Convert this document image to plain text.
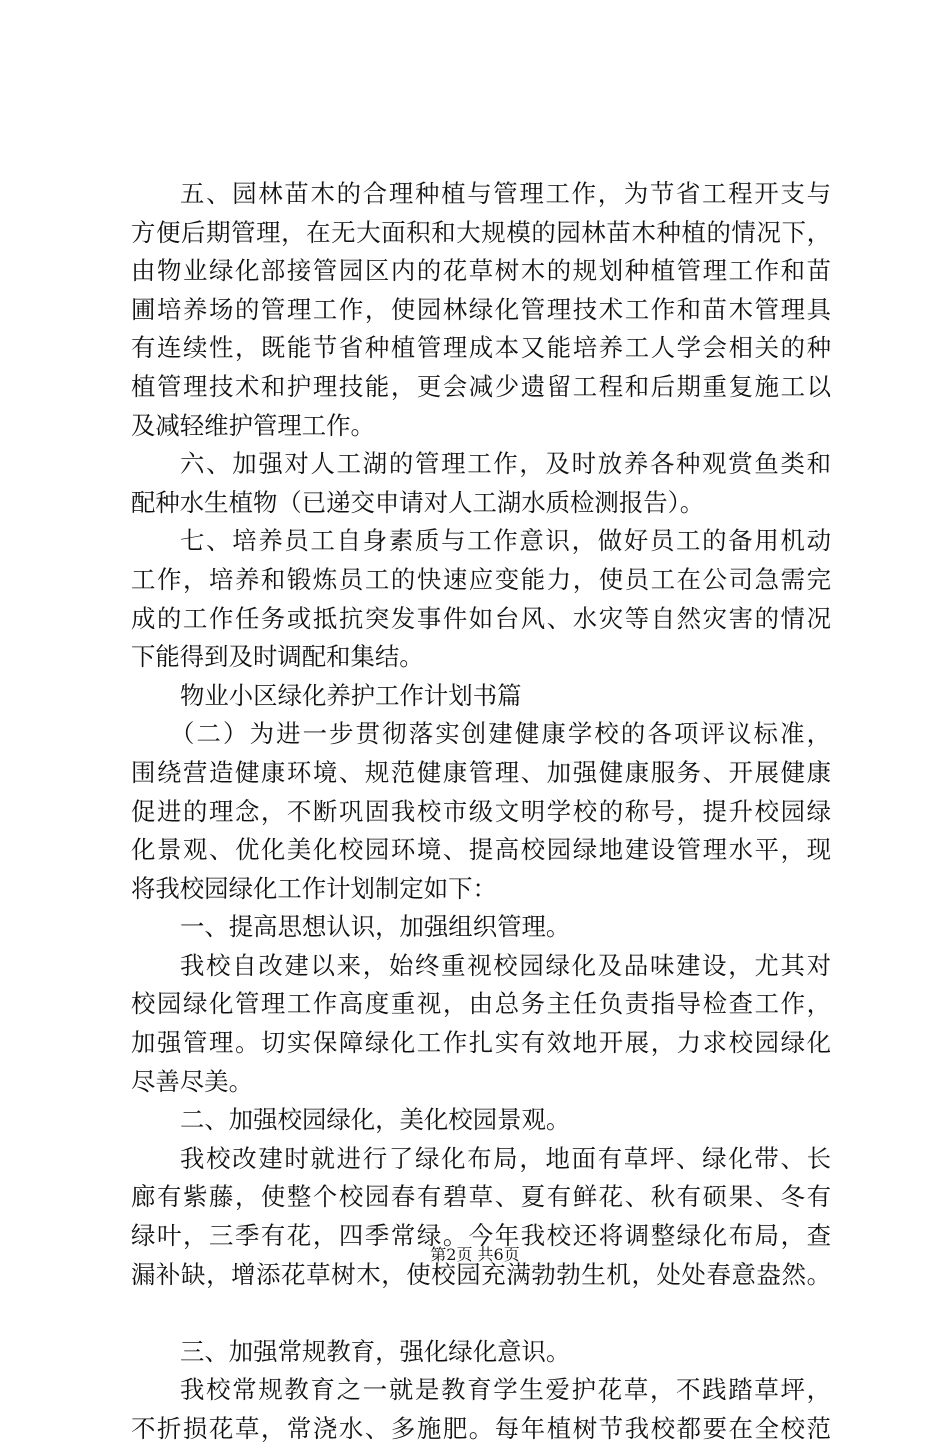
五、园林苗木的合理种植与管理工作，为节省工程开支与
方便后期管理，在无大面积和大规模的园林苗木种植的情况下，
由物业绿化部接管园区内的花草树木的规划种植管理工作和苗
圃培养场的管理工作，使园林绿化管理技术工作和苗木管理具
有连续性，既能节省种植管理成本又能培养工人学会相关的种
植管理技术和护理技能，更会减少遗留工程和后期重复施工以
及减轻维护管理工作。
六、加强对人工湖的管理工作，及时放养各种观赏鱼类和
配种水生植物（已递交申请对人工湖水质检测报告）。
七、培养员工自身素质与工作意识，做好员工的备用机动
工作，培养和锻炼员工的快速应变能力，使员工在公司急需完
成的工作任务或抵抗突发事件如台风、水灾等自然灾害的情况
下能得到及时调配和集结。
物业小区绿化养护工作计划书篇
（二）为进一步贯彻落实创建健康学校的各项评议标准，
围绕营造健康环境、规范健康管理、加强健康服务、开展健康
促进的理念，不断巩固我校市级文明学校的称号，提升校园绿
化景观、优化美化校园环境、提高校园绿地建设管理水平，现
将我校园绿化工作计划制定如下：
一、提高思想认识，加强组织管理。
我校自改建以来，始终重视校园绿化及品味建设，尤其对
校园绿化管理工作高度重视，由总务主任负责指导检查工作，
加强管理。切实保障绿化工作扎实有效地开展，力求校园绿化
尽善尽美。
二、加强校园绿化，美化校园景观。
我校改建时就进行了绿化布局，地面有草坪、绿化带、长
廊有紫藤，使整个校园春有碧草、夏有鲜花、秋有硕果、冬有
绿叶，三季有花，四季常绿。今年我校还将调整绿化布局，查
漏补缺，增添花草树木，使校园充满勃勃生机，处处春意盎然。
三、加强常规教育，强化绿化意识。
我校常规教育之一就是教育学生爱护花草，不践踏草坪，
不折损花草，常浇水、多施肥。每年植树节我校都要在全校范
第2页 共6页
